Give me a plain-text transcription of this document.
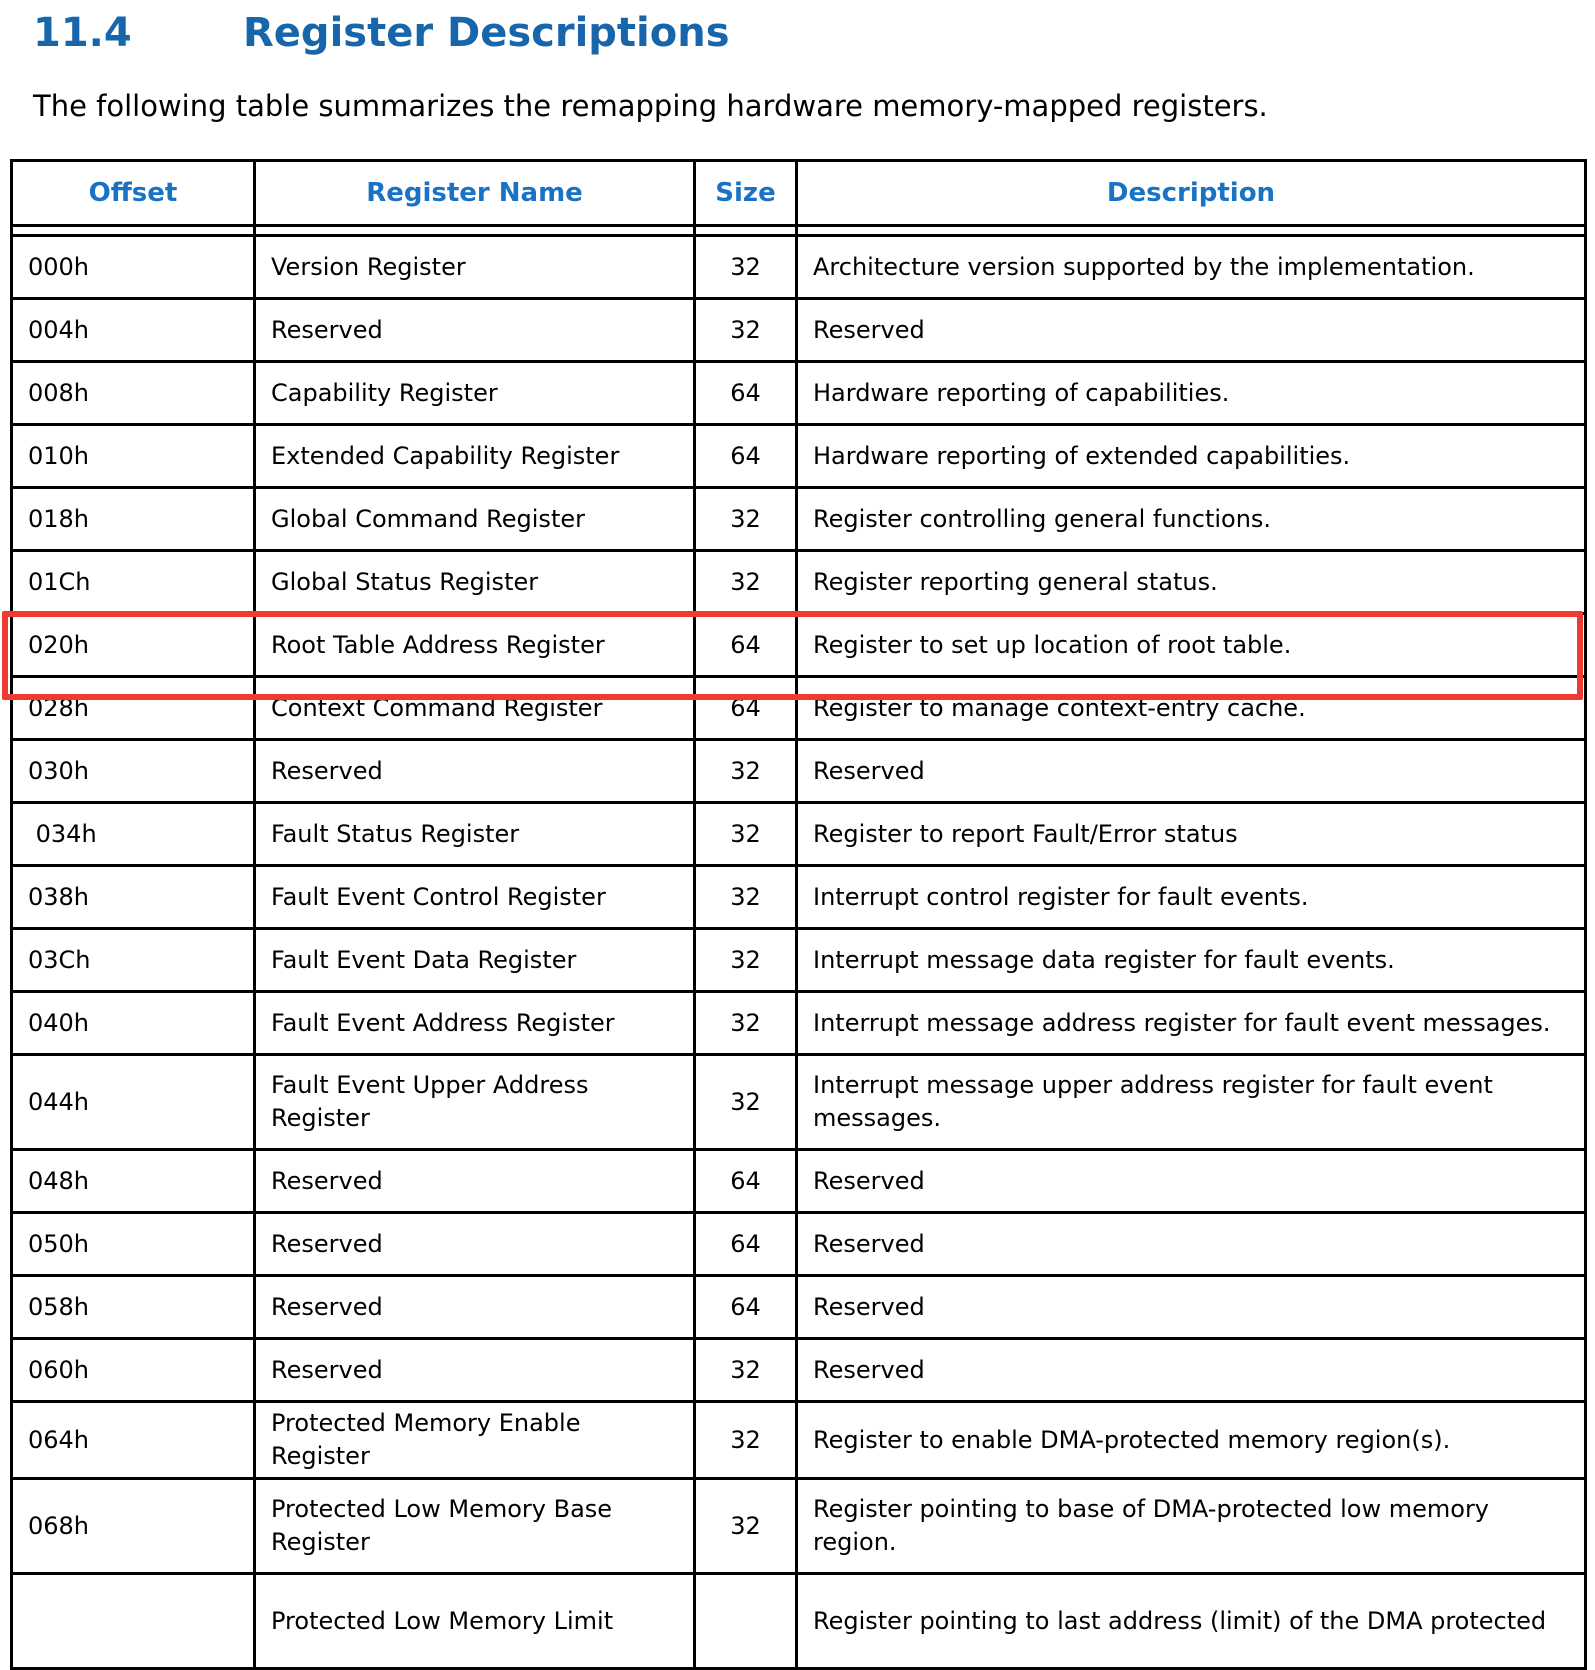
11.4	Register Descriptions
The following table summarizes the remapping hardware memory-mapped registers.
Offset	Register Name	Size	Description

000h	Version Register	32	Architecture version supported by the implementation.
004h	Reserved	32	Reserved
008h	Capability Register	64	Hardware reporting of capabilities.
010h	Extended Capability Register	64	Hardware reporting of extended capabilities.
018h	Global Command Register	32	Register controlling general functions.
01Ch	Global Status Register	32	Register reporting general status.
020h	Root Table Address Register	64	Register to set up location of root table.
028h	Context Command Register	64	Register to manage context-entry cache.
030h	Reserved	32	Reserved
034h	Fault Status Register	32	Register to report Fault/Error status
038h	Fault Event Control Register	32	Interrupt control register for fault events.
03Ch	Fault Event Data Register	32	Interrupt message data register for fault events.
040h	Fault Event Address Register	32	Interrupt message address register for fault event messages.
044h	Fault Event Upper Address Register	32	Interrupt message upper address register for fault event messages.
048h	Reserved	64	Reserved
050h	Reserved	64	Reserved
058h	Reserved	64	Reserved
060h	Reserved	32	Reserved
064h	Protected Memory Enable Register	32	Register to enable DMA-protected memory region(s).
068h	Protected Low Memory Base Register	32	Register pointing to base of DMA-protected low memory region.
	Protected Low Memory Limit		Register pointing to last address (limit) of the DMA protected
